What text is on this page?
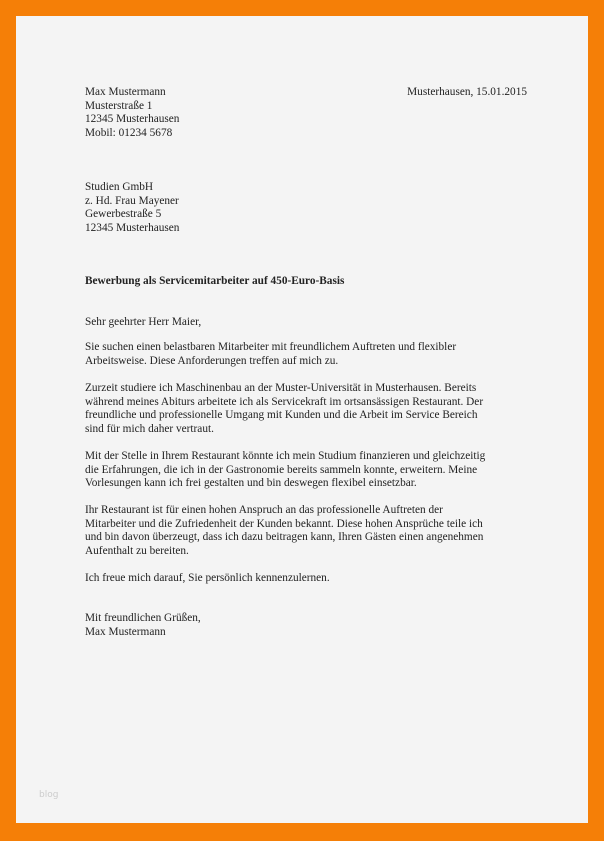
Max Mustermann
Musterstraße 1
12345 Musterhausen
Mobil: 01234 5678
Musterhausen, 15.01.2015
Studien GmbH
z. Hd. Frau Mayener
Gewerbestraße 5
12345 Musterhausen
Bewerbung als Servicemitarbeiter auf 450-Euro-Basis
Sehr geehrter Herr Maier,
Sie suchen einen belastbaren Mitarbeiter mit freundlichem Auftreten und flexibler
Arbeitsweise. Diese Anforderungen treffen auf mich zu.
Zurzeit studiere ich Maschinenbau an der Muster-Universität in Musterhausen. Bereits
während meines Abiturs arbeitete ich als Servicekraft im ortsansässigen Restaurant. Der
freundliche und professionelle Umgang mit Kunden und die Arbeit im Service Bereich
sind für mich daher vertraut.
Mit der Stelle in Ihrem Restaurant könnte ich mein Studium finanzieren und gleichzeitig
die Erfahrungen, die ich in der Gastronomie bereits sammeln konnte, erweitern. Meine
Vorlesungen kann ich frei gestalten und bin deswegen flexibel einsetzbar.
Ihr Restaurant ist für einen hohen Anspruch an das professionelle Auftreten der
Mitarbeiter und die Zufriedenheit der Kunden bekannt. Diese hohen Ansprüche teile ich
und bin davon überzeugt, dass ich dazu beitragen kann, Ihren Gästen einen angenehmen
Aufenthalt zu bereiten.
Ich freue mich darauf, Sie persönlich kennenzulernen.
Mit freundlichen Grüßen,
Max Mustermann
blog
